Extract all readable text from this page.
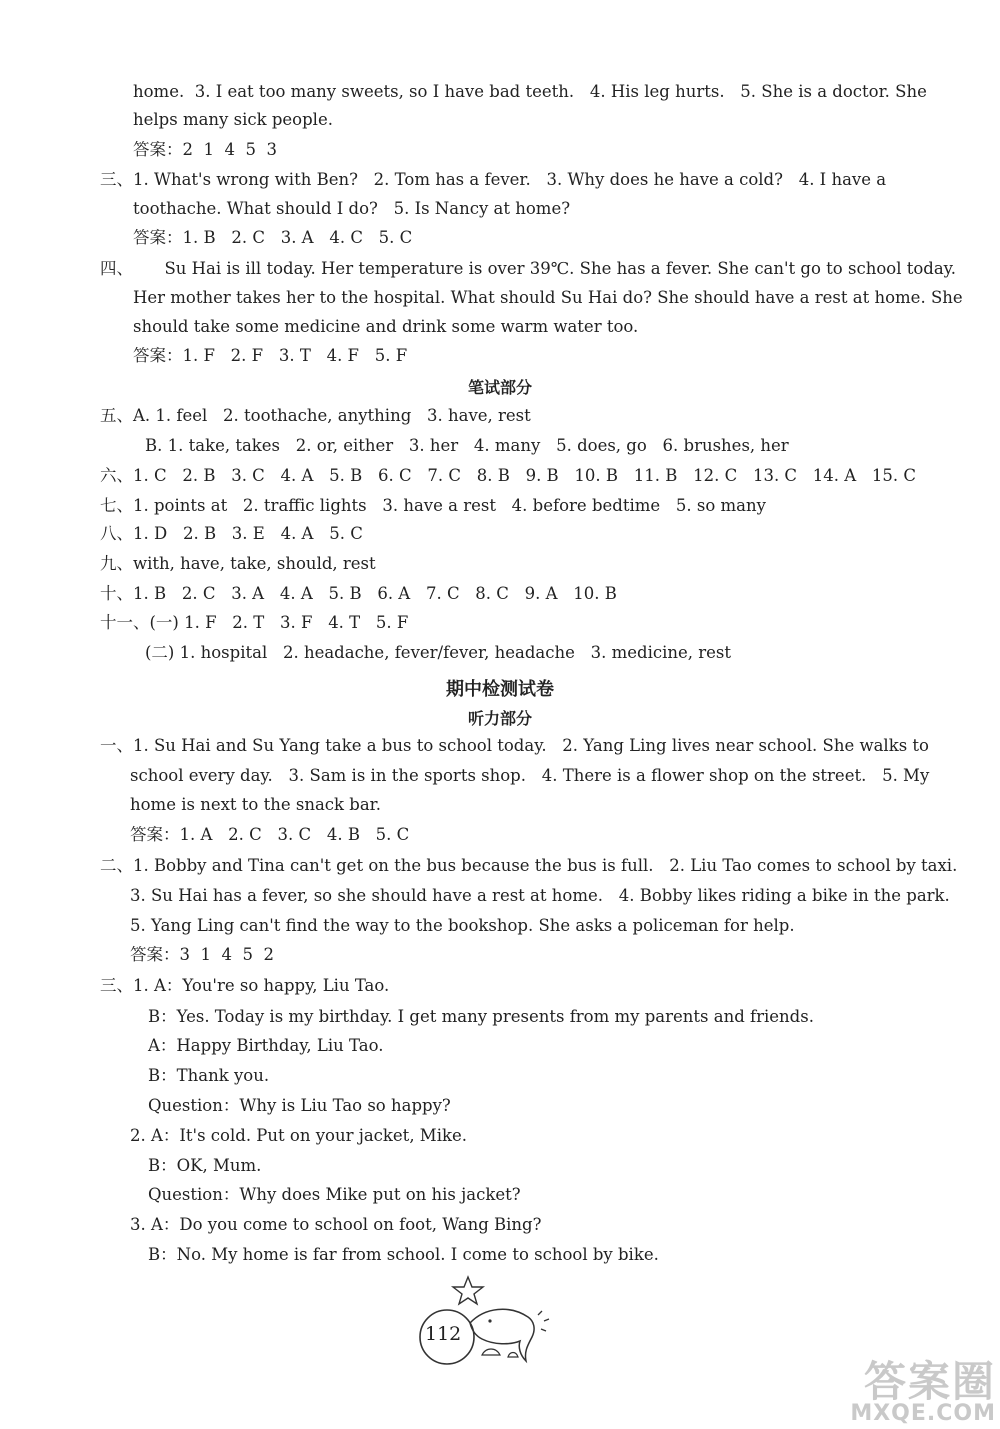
home.  3. I eat too many sweets, so I have bad teeth.   4. His leg hurts.   5. She is a doctor. She
helps many sick people.
答案：2  1  4  5  3
三、1. What's wrong with Ben?   2. Tom has a fever.   3. Why does he have a cold?   4. I have a
toothache. What should I do?   5. Is Nancy at home?
答案：1. B   2. C   3. A   4. C   5. C
四、      Su Hai is ill today. Her temperature is over 39℃. She has a fever. She can't go to school today.
Her mother takes her to the hospital. What should Su Hai do? She should have a rest at home. She
should take some medicine and drink some warm water too.
答案：1. F   2. F   3. T   4. F   5. F
笔试部分
五、A. 1. feel   2. toothache, anything   3. have, rest
B. 1. take, takes   2. or, either   3. her   4. many   5. does, go   6. brushes, her
六、1. C   2. B   3. C   4. A   5. B   6. C   7. C   8. B   9. B   10. B   11. B   12. C   13. C   14. A   15. C
七、1. points at   2. traffic lights   3. have a rest   4. before bedtime   5. so many
八、1. D   2. B   3. E   4. A   5. C
九、with, have, take, should, rest
十、1. B   2. C   3. A   4. A   5. B   6. A   7. C   8. C   9. A   10. B
十一、(一) 1. F   2. T   3. F   4. T   5. F
(二) 1. hospital   2. headache, fever/fever, headache   3. medicine, rest
期中检测试卷
听力部分
一、1. Su Hai and Su Yang take a bus to school today.   2. Yang Ling lives near school. She walks to
school every day.   3. Sam is in the sports shop.   4. There is a flower shop on the street.   5. My
home is next to the snack bar.
答案：1. A   2. C   3. C   4. B   5. C
二、1. Bobby and Tina can't get on the bus because the bus is full.   2. Liu Tao comes to school by taxi.
3. Su Hai has a fever, so she should have a rest at home.   4. Bobby likes riding a bike in the park.
5. Yang Ling can't find the way to the bookshop. She asks a policeman for help.
答案：3  1  4  5  2
三、1. A：You're so happy, Liu Tao.
B：Yes. Today is my birthday. I get many presents from my parents and friends.
A：Happy Birthday, Liu Tao.
B：Thank you.
Question：Why is Liu Tao so happy?
2. A：It's cold. Put on your jacket, Mike.
B：OK, Mum.
Question：Why does Mike put on his jacket?
3. A：Do you come to school on foot, Wang Bing?
B：No. My home is far from school. I come to school by bike.
112
答案圈
MXQE.COM
